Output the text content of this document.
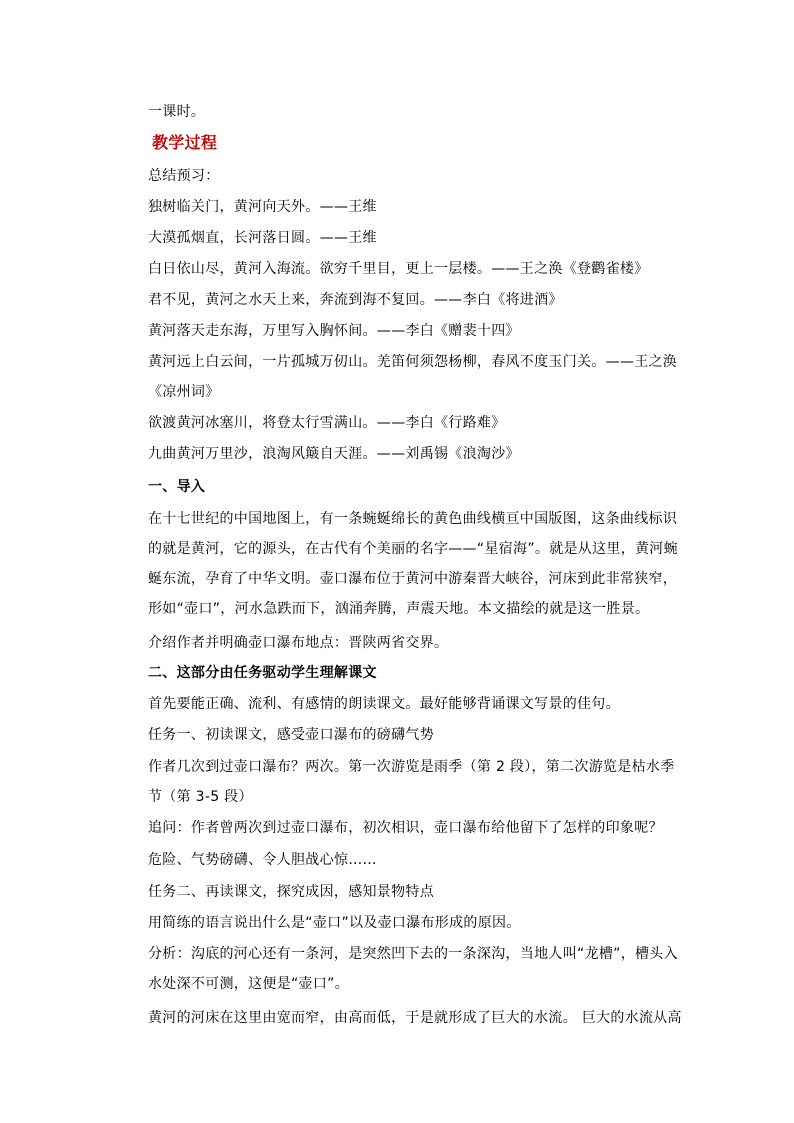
一课时。
教学过程
总结预习：
独树临关门，黄河向天外。——王维
大漠孤烟直，长河落日圆。——王维
白日依山尽，黄河入海流。欲穷千里目，更上一层楼。——王之涣《登鹳雀楼》
君不见，黄河之水天上来，奔流到海不复回。——李白《将进酒》
黄河落天走东海，万里写入胸怀间。——李白《赠裴十四》
黄河远上白云间，一片孤城万仞山。羌笛何须怨杨柳，春风不度玉门关。——王之涣《凉州词》
欲渡黄河冰塞川，将登太行雪满山。——李白《行路难》
九曲黄河万里沙，浪淘风簸自天涯。——刘禹锡《浪淘沙》
一、导入
在十七世纪的中国地图上，有一条蜿蜒绵长的黄色曲线横亘中国版图，这条曲线标识的就是黄河，它的源头，在古代有个美丽的名字——“星宿海”。就是从这里，黄河蜿蜒东流，孕育了中华文明。壶口瀑布位于黄河中游秦晋大峡谷，河床到此非常狭窄，形如“壶口”，河水急跌而下，汹涌奔腾，声震天地。本文描绘的就是这一胜景。
介绍作者并明确壶口瀑布地点：晋陕两省交界。
二、这部分由任务驱动学生理解课文
首先要能正确、流利、有感情的朗读课文。最好能够背诵课文写景的佳句。
任务一、初读课文，感受壶口瀑布的磅礴气势
作者几次到过壶口瀑布？两次。第一次游览是雨季（第 2 段），第二次游览是枯水季节（第 3-5 段）
追问：作者曾两次到过壶口瀑布，初次相识，壶口瀑布给他留下了怎样的印象呢？
危险、气势磅礴、令人胆战心惊……
任务二、再读课文，探究成因，感知景物特点
用简练的语言说出什么是“壶口”以及壶口瀑布形成的原因。
分析：沟底的河心还有一条河，是突然凹下去的一条深沟，当地人叫“龙槽”，槽头入水处深不可测，这便是“壶口”。
黄河的河床在这里由宽而窄，由高而低，于是就形成了巨大的水流。 巨大的水流从高
